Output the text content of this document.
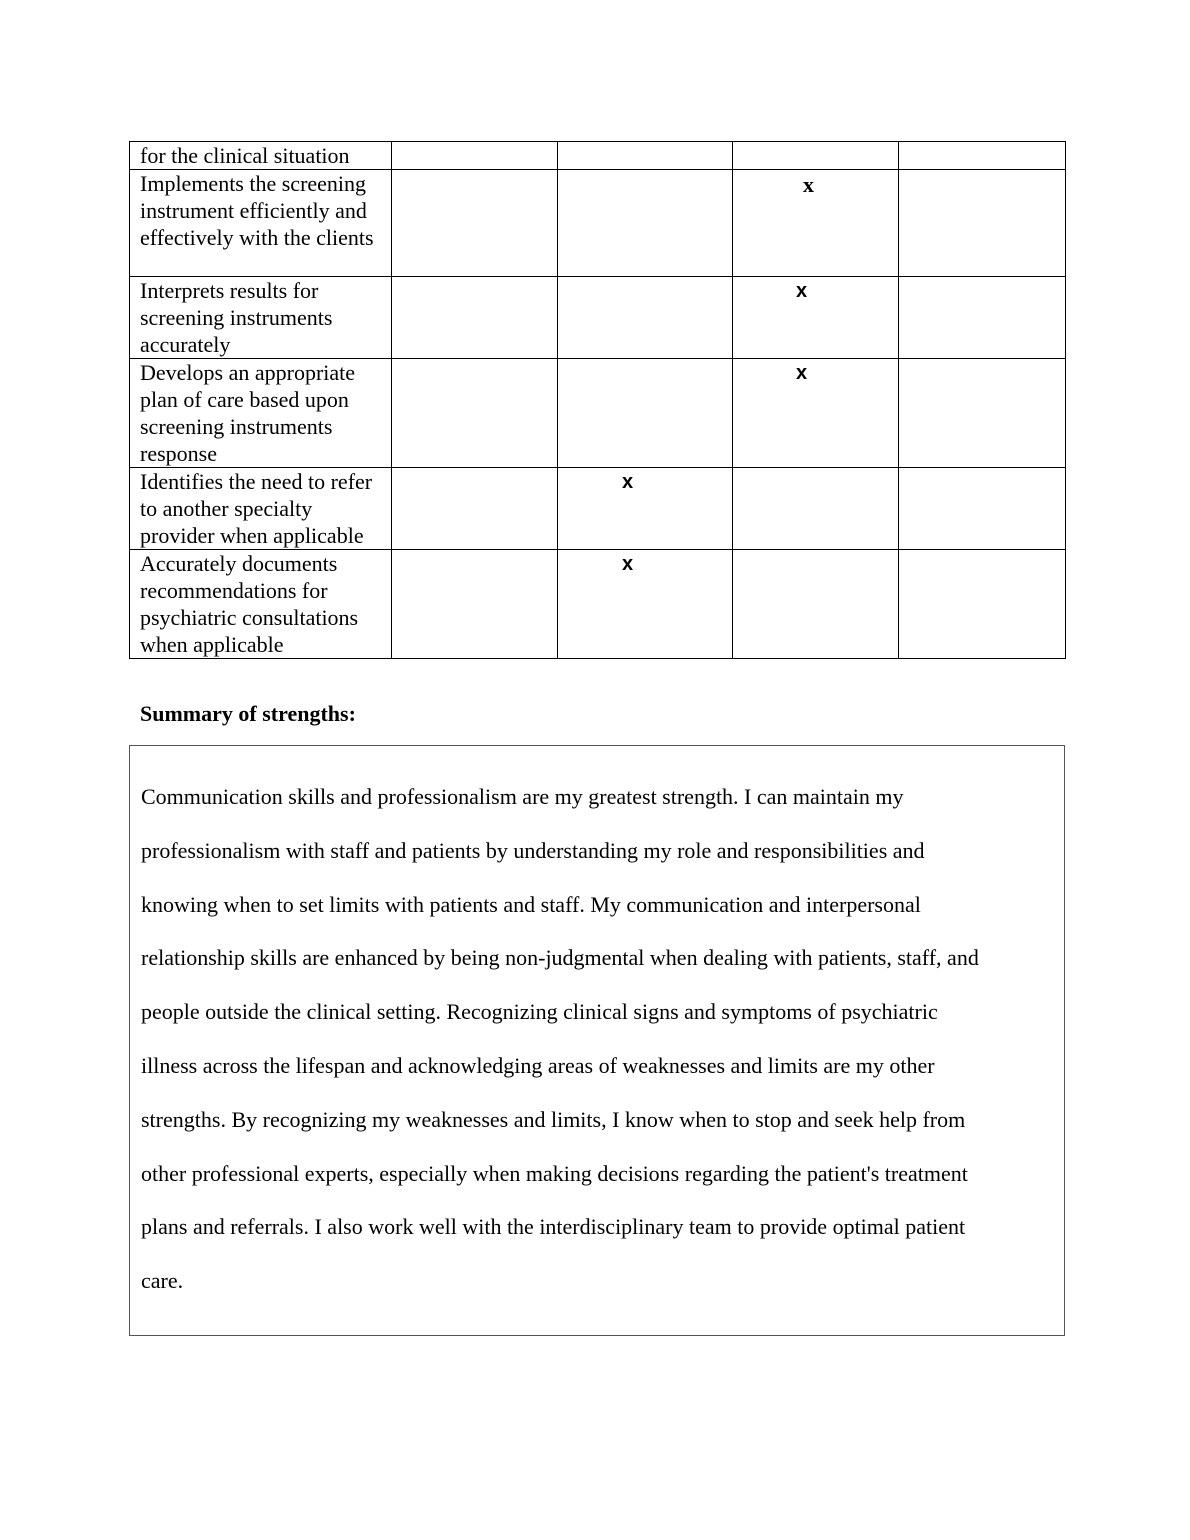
for the clinical situation				
Implements the screening instrument efficiently and effectively with the clients			x	

Interprets results for screening instruments accurately			x	

Develops an appropriate plan of care based upon screening instruments response			x	

Identifies the need to refer to another specialty provider when applicable		x		

Accurately documents recommendations for psychiatric consultations when applicable		x		

Summary of strengths:
Communication skills and professionalism are my greatest strength. I can maintain my
professionalism with staff and patients by understanding my role and responsibilities and
knowing when to set limits with patients and staff. My communication and interpersonal
relationship skills are enhanced by being non-judgmental when dealing with patients, staff, and
people outside the clinical setting. Recognizing clinical signs and symptoms of psychiatric
illness across the lifespan and acknowledging areas of weaknesses and limits are my other
strengths. By recognizing my weaknesses and limits, I know when to stop and seek help from
other professional experts, especially when making decisions regarding the patient's treatment
plans and referrals. I also work well with the interdisciplinary team to provide optimal patient
care.
